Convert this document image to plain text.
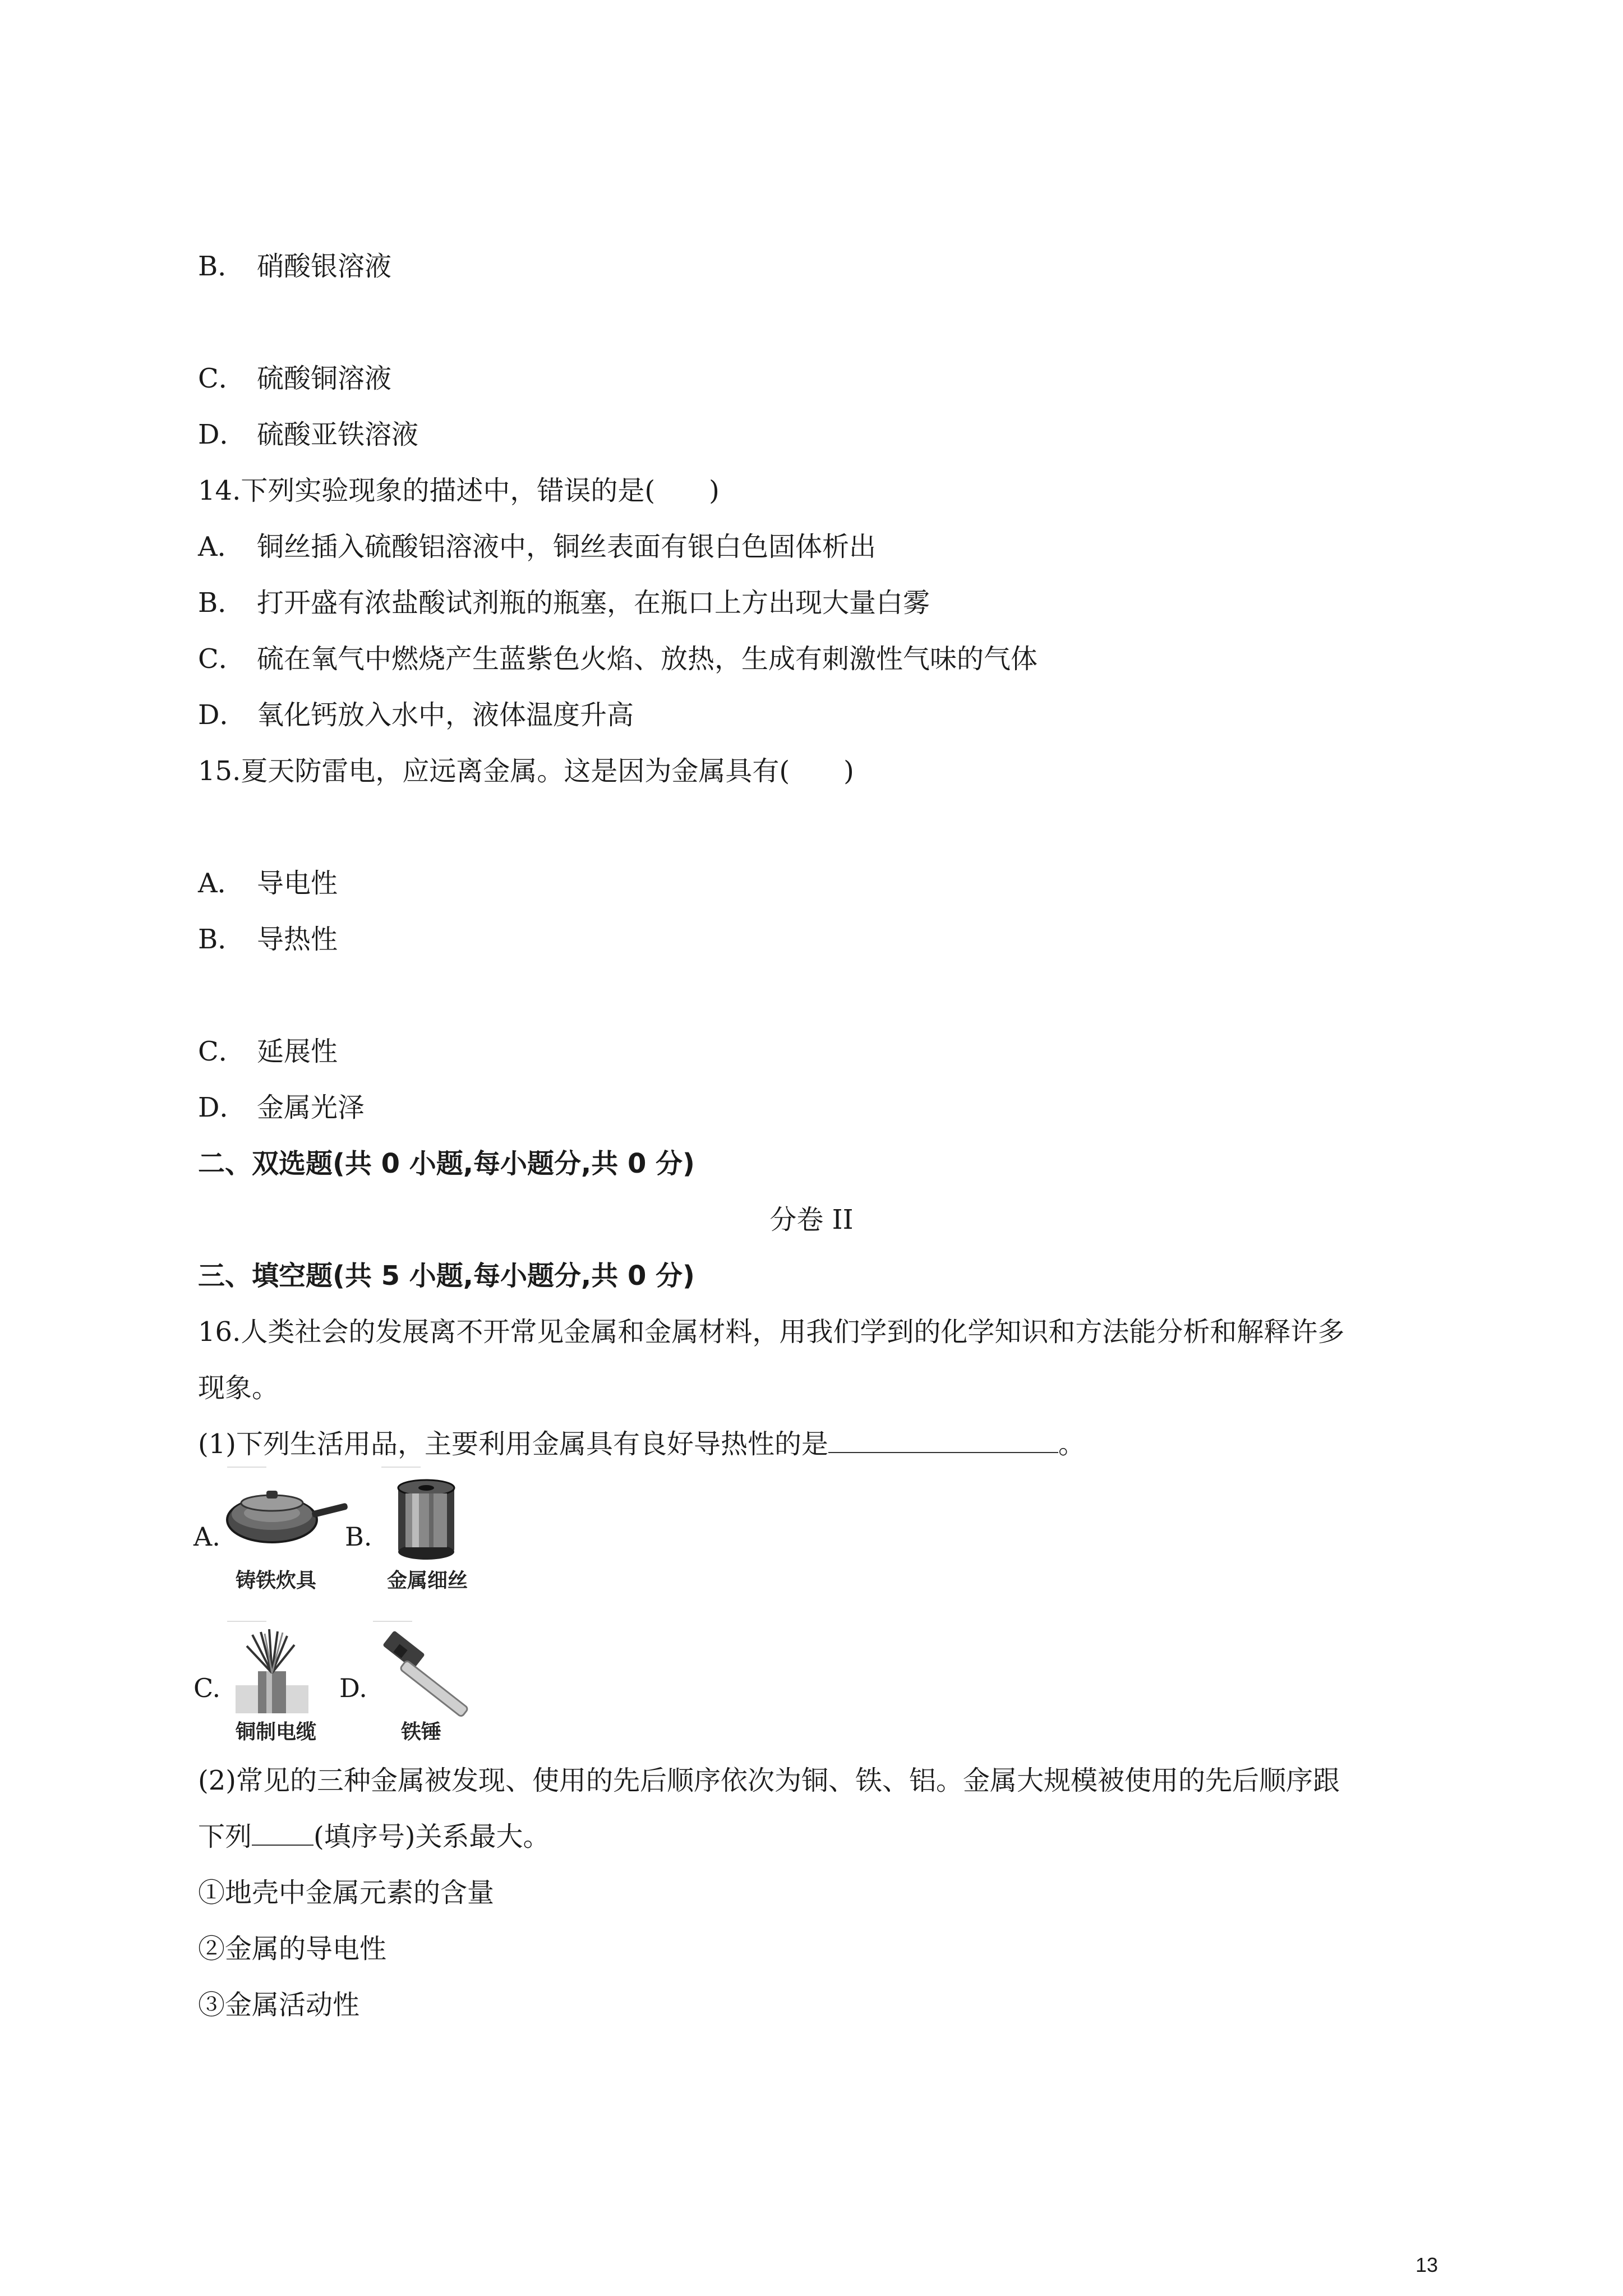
B． 硝酸银溶液
C． 硫酸铜溶液
D． 硫酸亚铁溶液
14.下列实验现象的描述中，错误的是(　　)
A． 铜丝插入硫酸铝溶液中，铜丝表面有银白色固体析出
B． 打开盛有浓盐酸试剂瓶的瓶塞，在瓶口上方出现大量白雾
C． 硫在氧气中燃烧产生蓝紫色火焰、放热，生成有刺激性气味的气体
D． 氧化钙放入水中，液体温度升高
15.夏天防雷电，应远离金属。这是因为金属具有(　　)
A． 导电性
B． 导热性
C． 延展性
D． 金属光泽
二、双选题(共 0 小题,每小题分,共 0 分)
分卷 II
三、填空题(共 5 小题,每小题分,共 0 分)
16.人类社会的发展离不开常见金属和金属材料，用我们学到的化学知识和方法能分析和解释许多
现象。
(1)下列生活用品，主要利用金属具有良好导热性的是	。
A.
铸铁炊具
B.
金属细丝
C.
铜制电缆
D.
铁锤
(2)常见的三种金属被发现、使用的先后顺序依次为铜、铁、铝。金属大规模被使用的先后顺序跟
下列 (填序号)关系最大。
①地壳中金属元素的含量
②金属的导电性
③金属活动性
13
